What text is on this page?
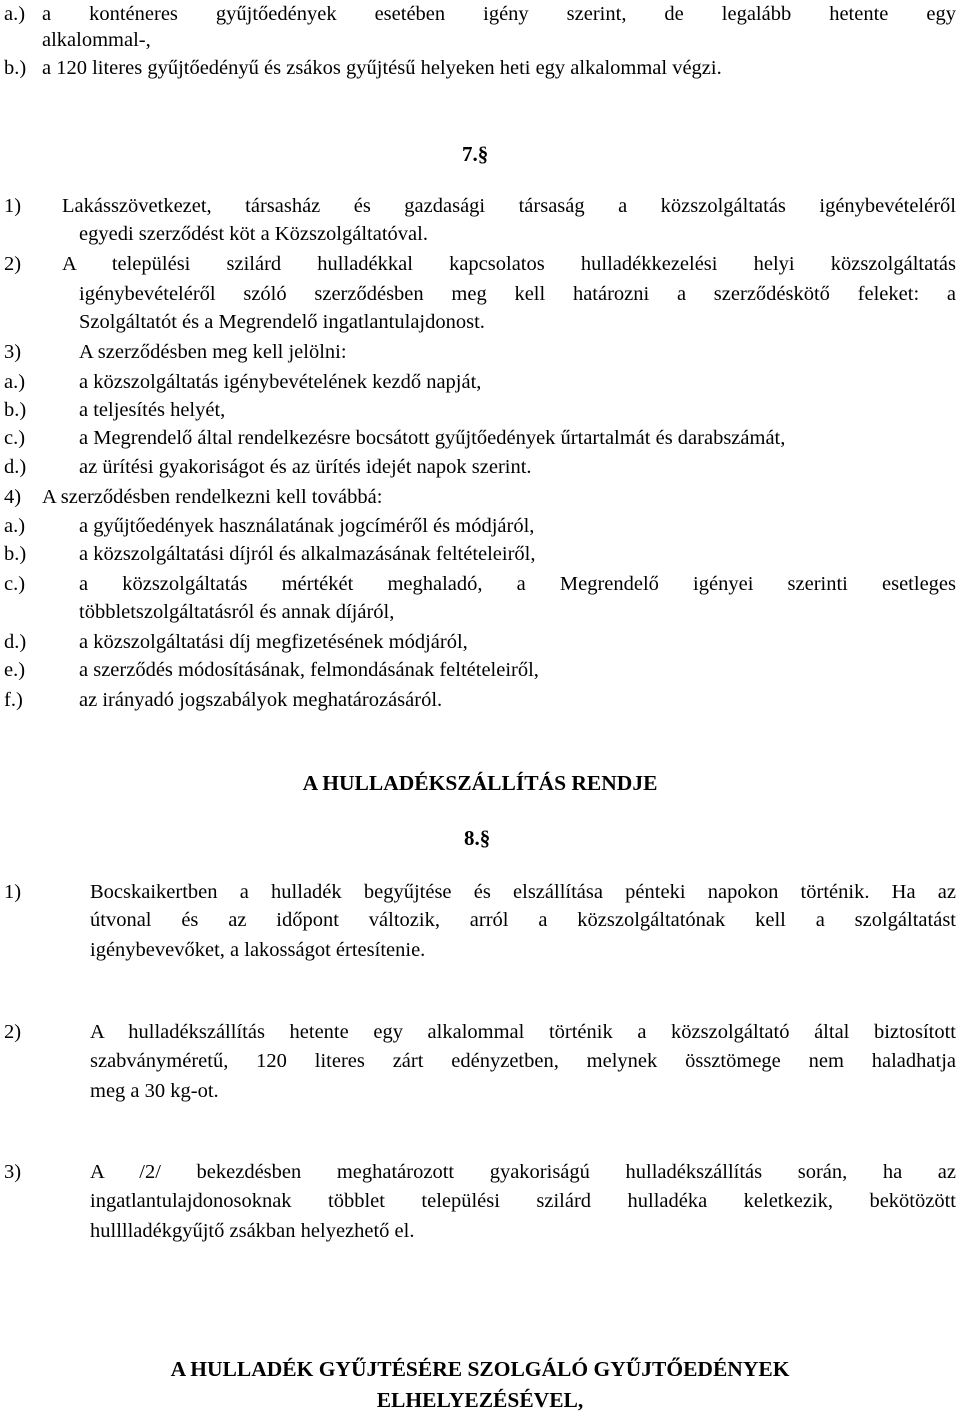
a.) a konténeres gyűjtőedények esetében igény szerint, de legalább hetente egy
alkalommal-,
b.) a 120 literes gyűjtőedényű és zsákos gyűjtésű helyeken heti egy alkalommal végzi.
7.§
1) Lakásszövetkezet, társasház és gazdasági társaság a közszolgáltatás igénybevételéről
egyedi szerződést köt a Közszolgáltatóval.
2) A települési szilárd hulladékkal kapcsolatos hulladékkezelési helyi közszolgáltatás
igénybevételéről szóló szerződésben meg kell határozni a szerződéskötő feleket: a
Szolgáltatót és a Megrendelő ingatlantulajdonost.
3)	A szerződésben meg kell jelölni:
a.)	a közszolgáltatás igénybevételének kezdő napját,
b.)	a teljesítés helyét,
c.)	a Megrendelő által rendelkezésre bocsátott gyűjtőedények űrtartalmát és darabszámát,
d.)	az ürítési gyakoriságot és az ürítés idejét napok szerint.
4) A szerződésben rendelkezni kell továbbá:
a.)	a gyűjtőedények használatának jogcíméről és módjáról,
b.)	a közszolgáltatási díjról és alkalmazásának feltételeiről,
c.)	a közszolgáltatás mértékét meghaladó, a Megrendelő igényei szerinti esetleges
többletszolgáltatásról és annak díjáról,
d.)	a közszolgáltatási díj megfizetésének módjáról,
e.)	a szerződés módosításának, felmondásának feltételeiről,
f.)	az irányadó jogszabályok meghatározásáról.
A HULLADÉKSZÁLLÍTÁS RENDJE
8.§
1)	Bocskaikertben a hulladék begyűjtése és elszállítása pénteki napokon történik. Ha az
útvonal és az időpont változik, arról a közszolgáltatónak kell a szolgáltatást
igénybevevőket, a lakosságot értesítenie.
2)	A hulladékszállítás hetente egy alkalommal történik a közszolgáltató által biztosított
szabványméretű, 120 literes zárt edényzetben, melynek össztömege nem haladhatja
meg a 30 kg-ot.
3)	A /2/ bekezdésben meghatározott gyakoriságú hulladékszállítás során, ha az
ingatlantulajdonosoknak többlet települési szilárd hulladéka keletkezik, bekötözött
hulllladékgyűjtő zsákban helyezhető el.
A HULLADÉK GYŰJTÉSÉRE SZOLGÁLÓ GYŰJTŐEDÉNYEK
ELHELYEZÉSÉVEL,
